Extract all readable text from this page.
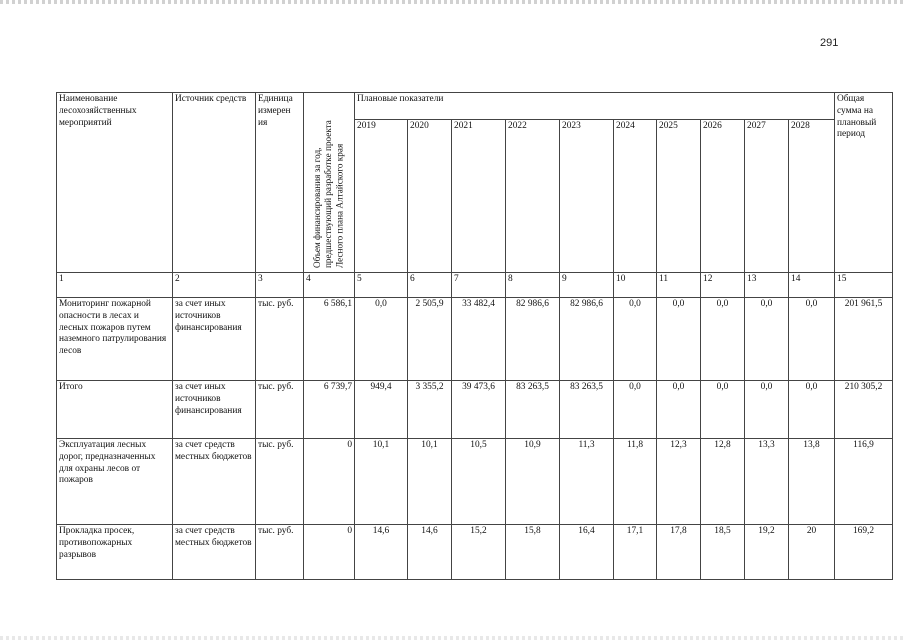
291
Наименование лесохозяйственных мероприятий	Источник средств	Единица измерен ия	Объем финансирования за год, предшествующий разработке проекта Лесного плана Алтайского края	Плановые показатели										Общая сумма на плановый период
				2019	2020	2021	2022	2023	2024	2025	2026	2027	2028	
1	2	3	4	5	6	7	8	9	10	11	12	13	14	15
Мониторинг пожарной опасности в лесах и лесных пожаров путем наземного патрулирования лесов	за счет иных источников финансирования	тыс. руб.	6 586,1	0,0	2 505,9	33 482,4	82 986,6	82 986,6	0,0	0,0	0,0	0,0	0,0	201 961,5
Итого	за счет иных источников финансирования	тыс. руб.	6 739,7	949,4	3 355,2	39 473,6	83 263,5	83 263,5	0,0	0,0	0,0	0,0	0,0	210 305,2
Эксплуатация лесных дорог, предназначенных для охраны лесов от пожаров	за счет средств местных бюджетов	тыс. руб.	0	10,1	10,1	10,5	10,9	11,3	11,8	12,3	12,8	13,3	13,8	116,9
Прокладка просек, противопожарных разрывов	за счет средств местных бюджетов	тыс. руб.	0	14,6	14,6	15,2	15,8	16,4	17,1	17,8	18,5	19,2	20	169,2
